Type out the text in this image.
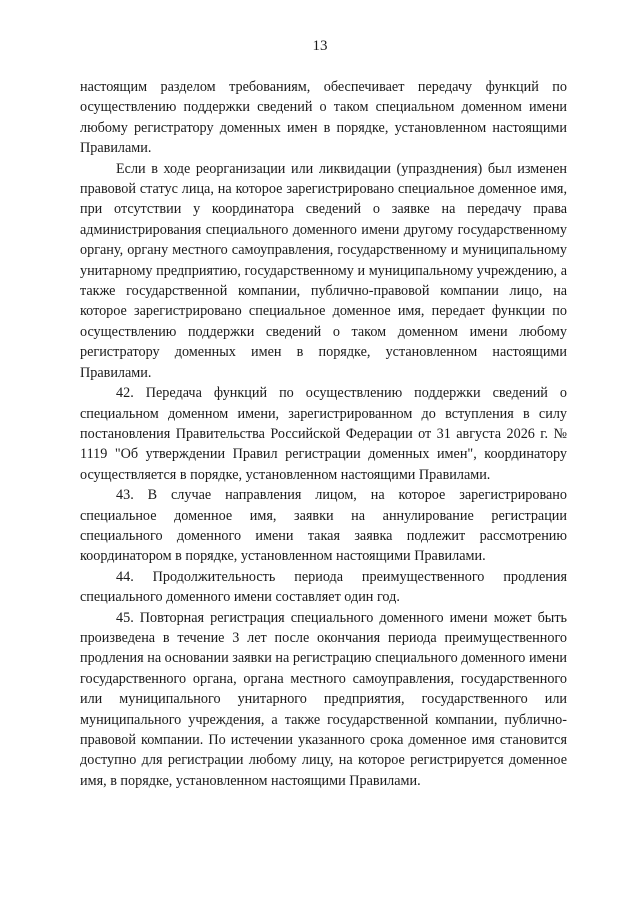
13

настоящим разделом требованиям, обеспечивает передачу функций по осуществлению поддержки сведений о таком специальном доменном имени любому регистратору доменных имен в порядке, установленном настоящими Правилами.

Если в ходе реорганизации или ликвидации (упразднения) был изменен правовой статус лица, на которое зарегистрировано специальное доменное имя, при отсутствии у координатора сведений о заявке на передачу права администрирования специального доменного имени другому государственному органу, органу местного самоуправления, государственному и муниципальному унитарному предприятию, государственному и муниципальному учреждению, а также государственной компании, публично-правовой компании лицо, на которое зарегистрировано специальное доменное имя, передает функции по осуществлению поддержки сведений о таком доменном имени любому регистратору доменных имен в порядке, установленном настоящими Правилами.

42. Передача функций по осуществлению поддержки сведений о специальном доменном имени, зарегистрированном до вступления в силу постановления Правительства Российской Федерации от 31 августа 2026 г. № 1119 "Об утверждении Правил регистрации доменных имен", координатору осуществляется в порядке, установленном настоящими Правилами.

43. В случае направления лицом, на которое зарегистрировано специальное доменное имя, заявки на аннулирование регистрации специального доменного имени такая заявка подлежит рассмотрению координатором в порядке, установленном настоящими Правилами.

44. Продолжительность периода преимущественного продления специального доменного имени составляет один год.

45. Повторная регистрация специального доменного имени может быть произведена в течение 3 лет после окончания периода преимущественного продления на основании заявки на регистрацию специального доменного имени государственного органа, органа местного самоуправления, государственного или муниципального унитарного предприятия, государственного или муниципального учреждения, а также государственной компании, публично-правовой компании. По истечении указанного срока доменное имя становится доступно для регистрации любому лицу, на которое регистрируется доменное имя, в порядке, установленном настоящими Правилами.
